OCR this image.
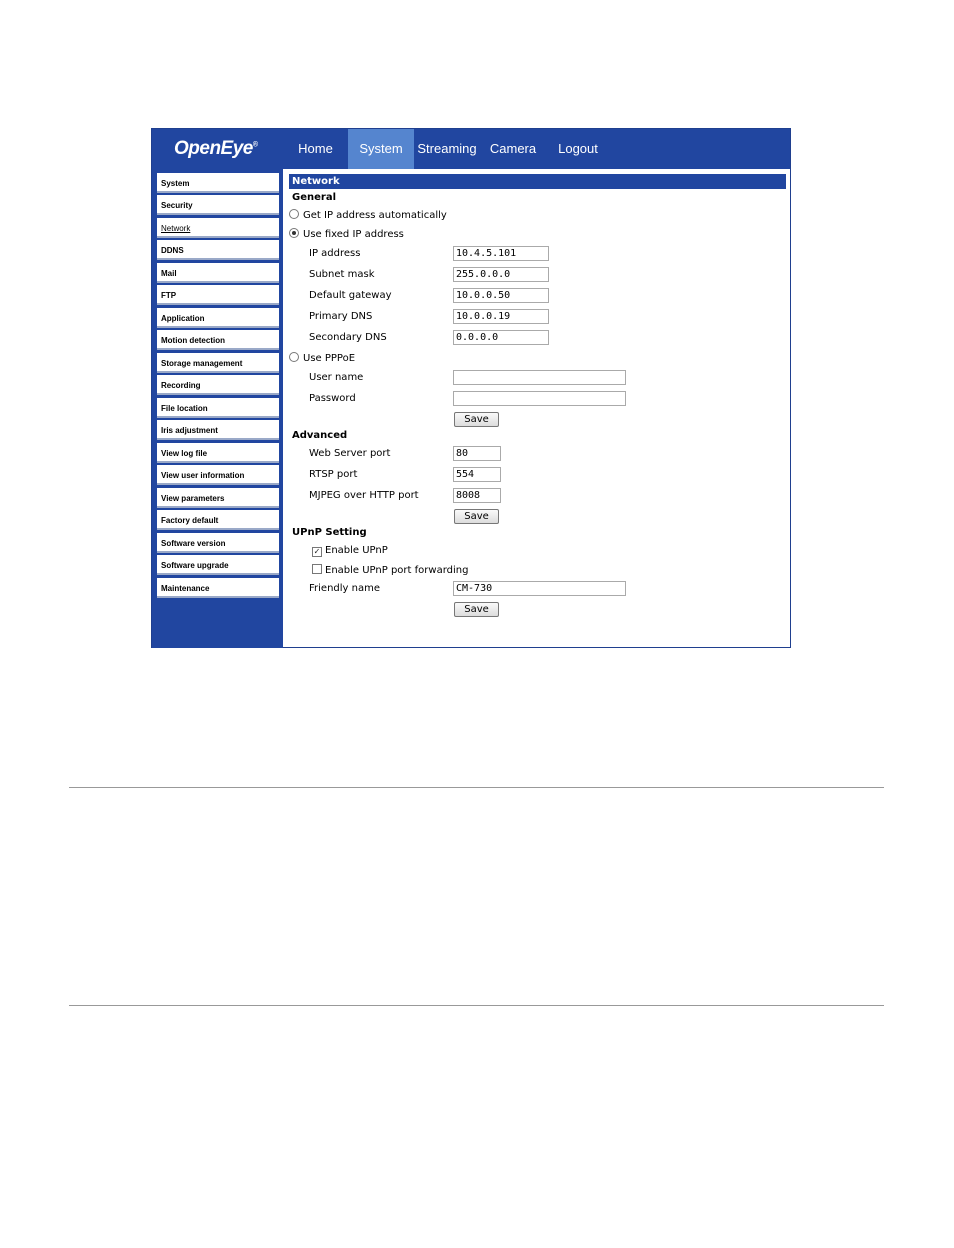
OpenEye®	Home	System	Streaming	Camera	Logout
System
Security
Network
DDNS
Mail
FTP
Application
Motion detection
Storage management
Recording
File location
Iris adjustment
View log file
View user information
View parameters
Factory default
Software version
Software upgrade
Maintenance
Network
General
Get IP address automatically
Use fixed IP address
IP address	10.4.5.101
Subnet mask	255.0.0.0
Default gateway	10.0.0.50
Primary DNS	10.0.0.19
Secondary DNS	0.0.0.0
Use PPPoE
User name
Password
Save
Advanced
Web Server port	80
RTSP port	554
MJPEG over HTTP port	8008
Save
UPnP Setting
✓ Enable UPnP
Enable UPnP port forwarding
Friendly name	CM-730
Save
